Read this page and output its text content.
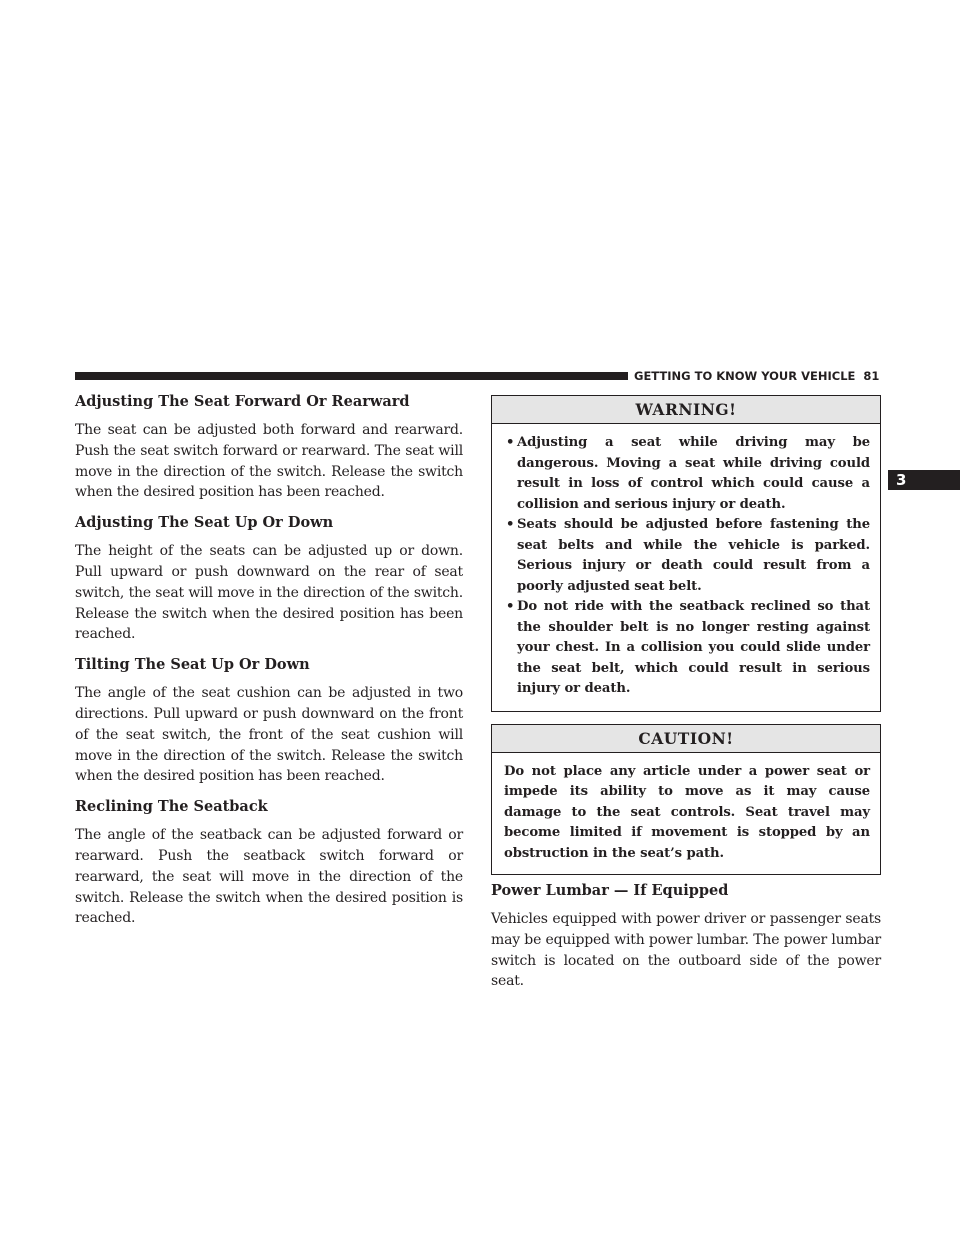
GETTING TO KNOW YOUR VEHICLE 81
3
Adjusting The Seat Forward Or Rearward

The seat can be adjusted both forward and rearward. Push the seat switch forward or rearward. The seat will move in the direction of the switch. Release the switch when the desired position has been reached.

Adjusting The Seat Up Or Down

The height of the seats can be adjusted up or down. Pull upward or push downward on the rear of seat switch, the seat will move in the direction of the switch. Release the switch when the desired position has been reached.

Tilting The Seat Up Or Down

The angle of the seat cushion can be adjusted in two directions. Pull upward or push downward on the front of the seat switch, the front of the seat cushion will move in the direction of the switch. Release the switch when the desired position has been reached.

Reclining The Seatback

The angle of the seatback can be adjusted forward or rearward. Push the seatback switch forward or rearward, the seat will move in the direction of the switch. Release the switch when the desired position is reached.

WARNING!
• Adjusting a seat while driving may be dangerous. Moving a seat while driving could result in loss of control which could cause a collision and serious injury or death.
• Seats should be adjusted before fastening the seat belts and while the vehicle is parked. Serious injury or death could result from a poorly adjusted seat belt.
• Do not ride with the seatback reclined so that the shoulder belt is no longer resting against your chest. In a collision you could slide under the seat belt, which could result in serious injury or death.
CAUTION!

Do not place any article under a power seat or impede its ability to move as it may cause damage to the seat controls. Seat travel may become limited if movement is stopped by an obstruction in the seat’s path.

Power Lumbar — If Equipped

Vehicles equipped with power driver or passenger seats may be equipped with power lumbar. The power lumbar switch is located on the outboard side of the power seat.
